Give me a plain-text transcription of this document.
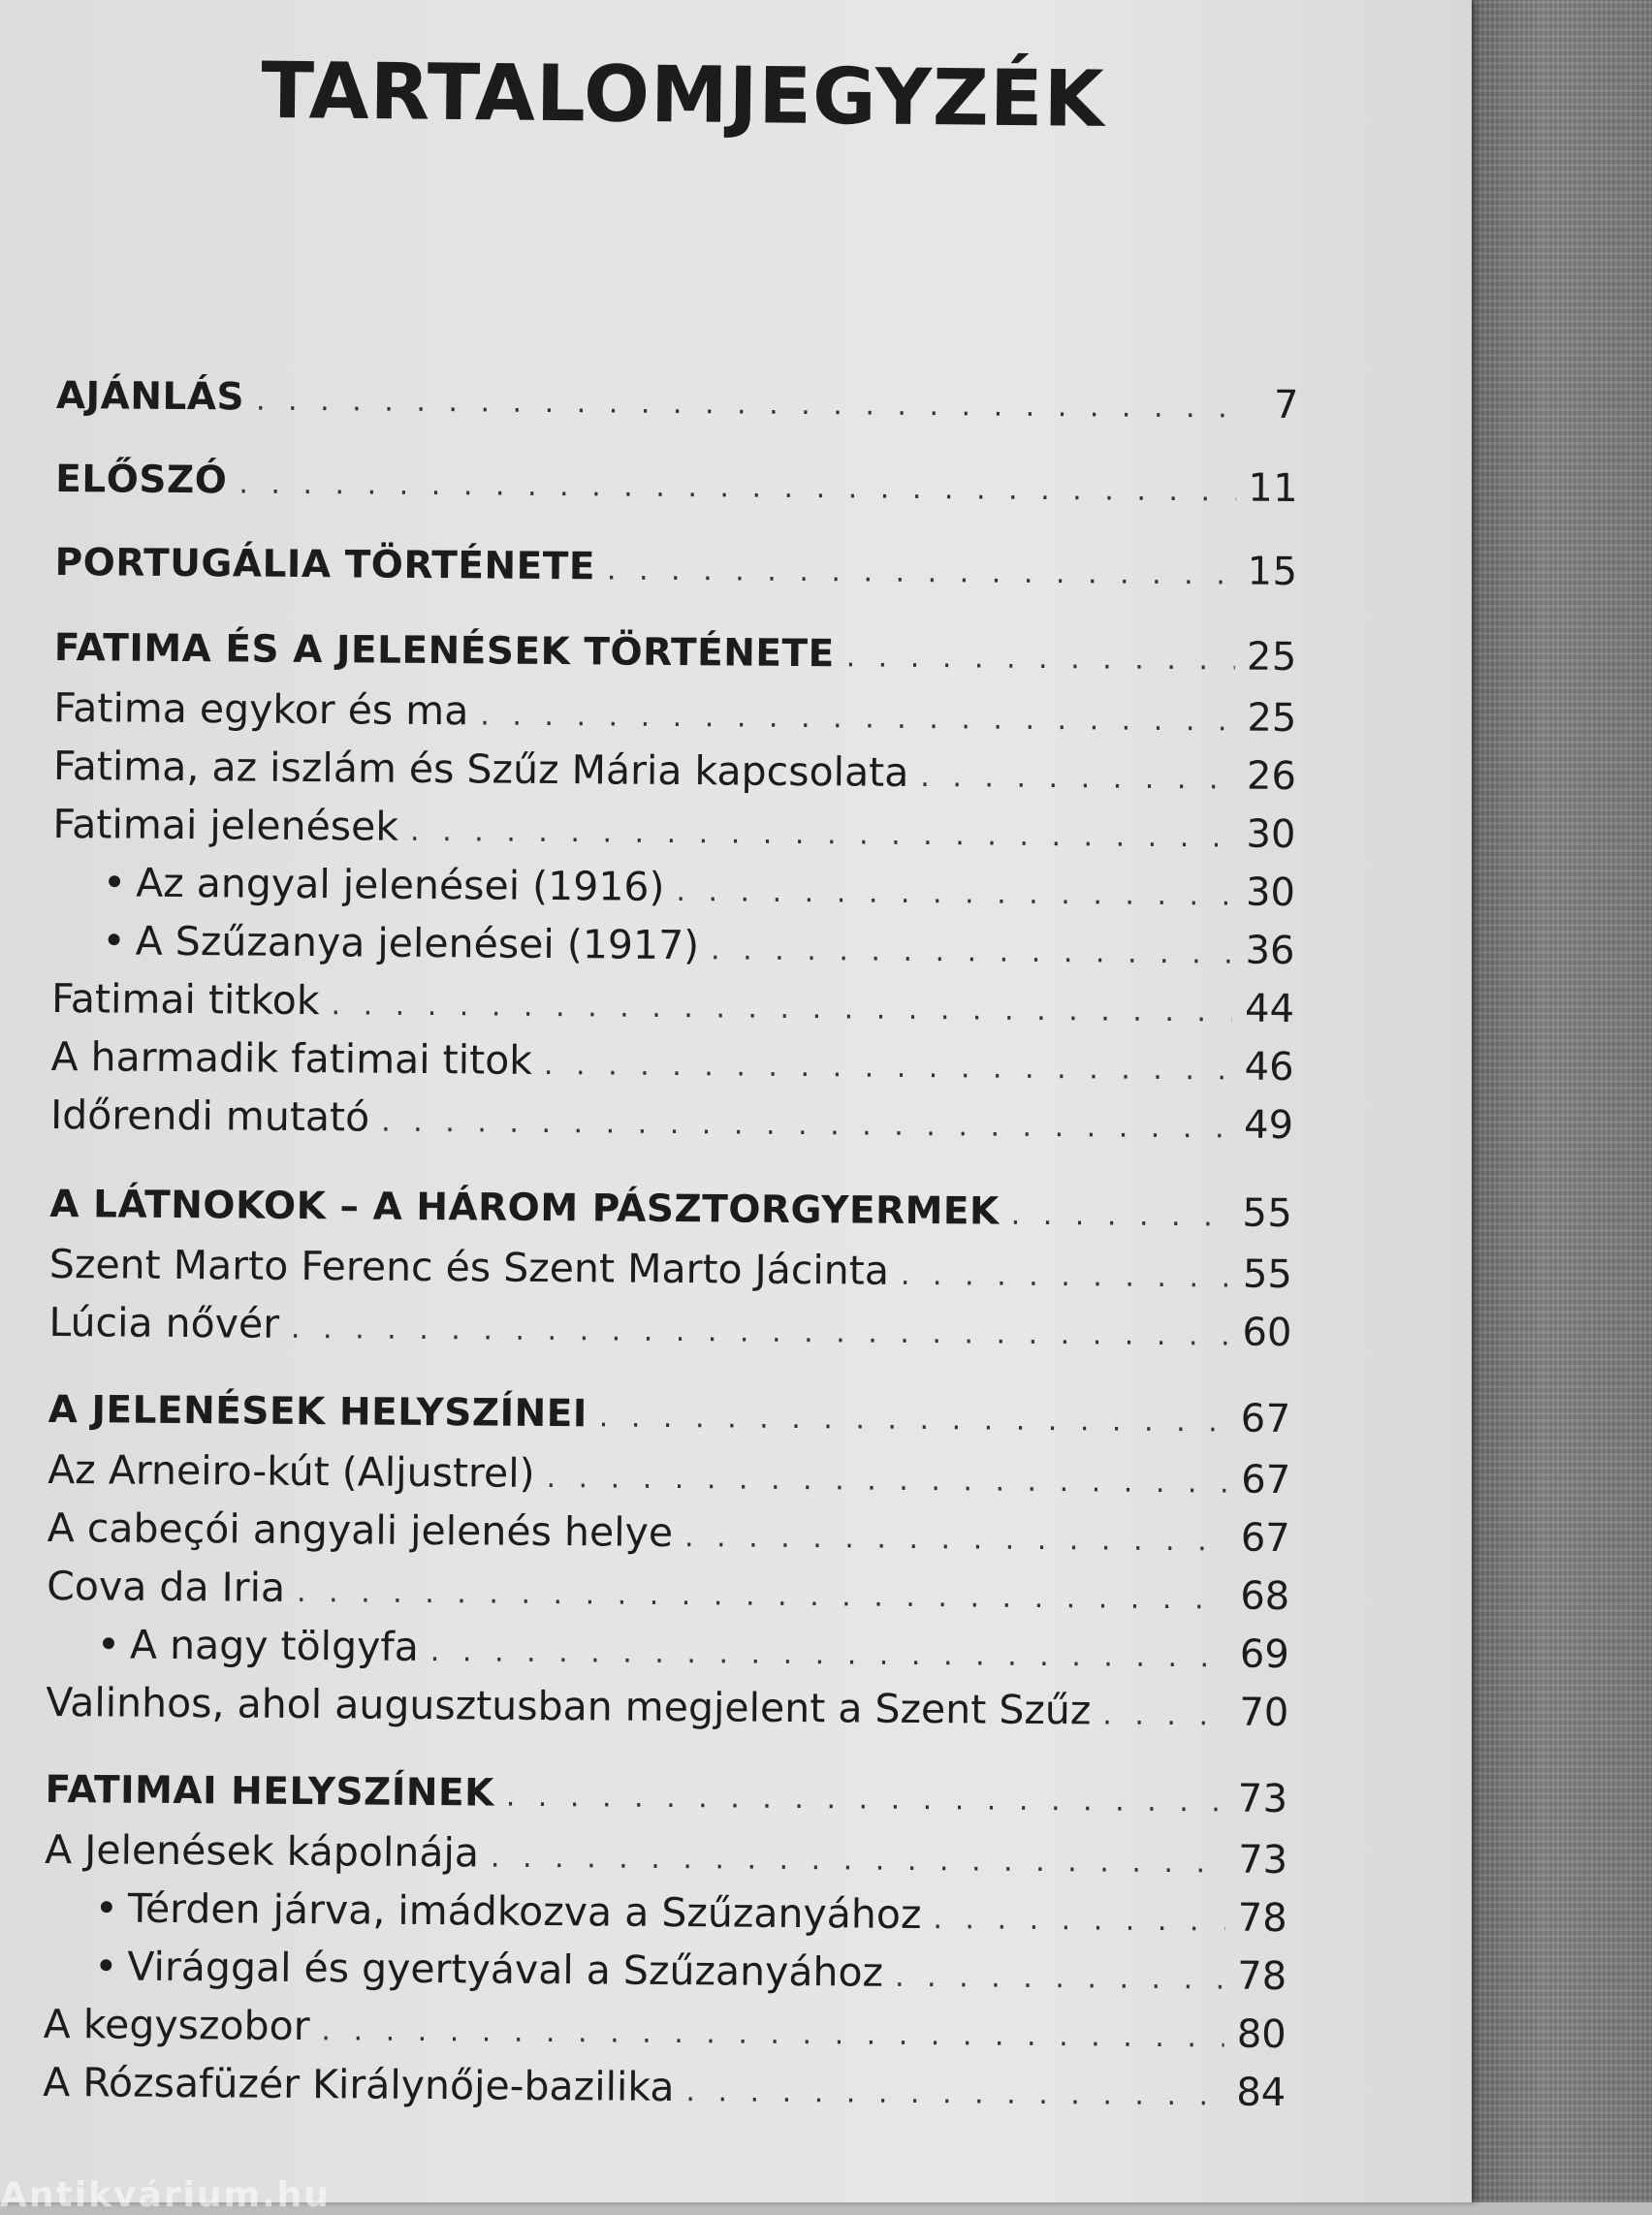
TARTALOMJEGYZÉK
AJÁNLÁS . . .	7
ELŐSZÓ . . .	11
PORTUGÁLIA TÖRTÉNETE . . .	15
FATIMA ÉS A JELENÉSEK TÖRTÉNETE . . .	25
Fatima egykor és ma . . .	25
Fatima, az iszlám és Szűz Mária kapcsolata . . .	26
Fatimai jelenések . . .	30
• Az angyal jelenései (1916) . . .	30
• A Szűzanya jelenései (1917) . . .	36
Fatimai titkok . . .	44
A harmadik fatimai titok . . .	46
Időrendi mutató . . .	49
A LÁTNOKOK – A HÁROM PÁSZTORGYERMEK . . .	55
Szent Marto Ferenc és Szent Marto Jácinta . . .	55
Lúcia nővér . . .	60
A JELENÉSEK HELYSZÍNEI . . .	67
Az Arneiro-kút (Aljustrel) . . .	67
A cabeçói angyali jelenés helye . . .	67
Cova da Iria . . .	68
• A nagy tölgyfa . . .	69
Valinhos, ahol augusztusban megjelent a Szent Szűz . . .	70
FATIMAI HELYSZÍNEK . . .	73
A Jelenések kápolnája . . .	73
• Térden járva, imádkozva a Szűzanyához . . .	78
• Virággal és gyertyával a Szűzanyához . . .	78
A kegyszobor . . .	80
A Rózsafüzér Királynője-bazilika . . .	84
Antikvárium.hu
